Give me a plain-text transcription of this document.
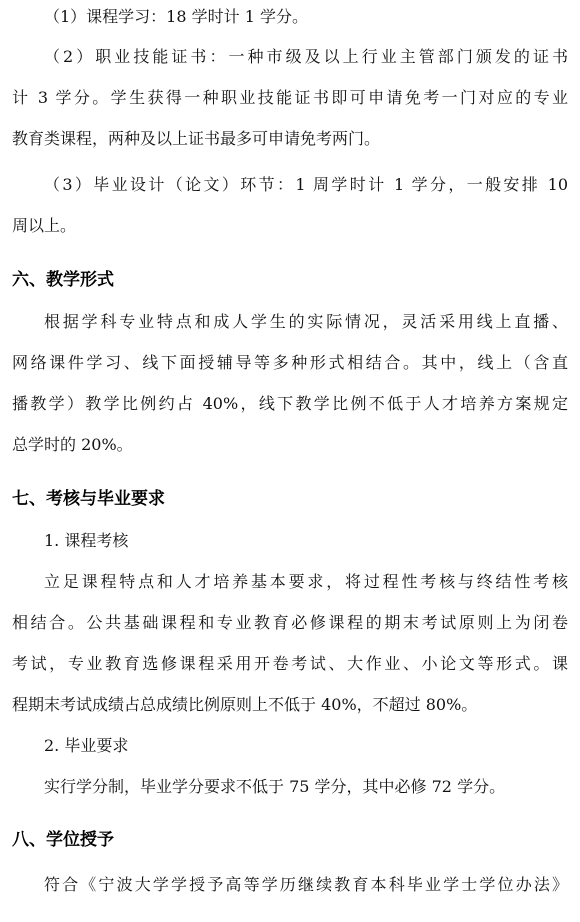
（1）课程学习：18 学时计 1 学分。
（2）职业技能证书：一种市级及以上行业主管部门颁发的证书
计 3 学分。学生获得一种职业技能证书即可申请免考一门对应的专业
教育类课程，两种及以上证书最多可申请免考两门。
（3）毕业设计（论文）环节：1 周学时计 1 学分，一般安排 10
周以上。
六、教学形式
根据学科专业特点和成人学生的实际情况，灵活采用线上直播、
网络课件学习、线下面授辅导等多种形式相结合。其中，线上（含直
播教学）教学比例约占 40%，线下教学比例不低于人才培养方案规定
总学时的 20%。
七、考核与毕业要求
1. 课程考核
立足课程特点和人才培养基本要求，将过程性考核与终结性考核
相结合。公共基础课程和专业教育必修课程的期末考试原则上为闭卷
考试，专业教育选修课程采用开卷考试、大作业、小论文等形式。课
程期末考试成绩占总成绩比例原则上不低于 40%，不超过 80%。
2. 毕业要求
实行学分制，毕业学分要求不低于 75 学分，其中必修 72 学分。
八、学位授予
符合《宁波大学学授予高等学历继续教育本科毕业学士学位办法》
